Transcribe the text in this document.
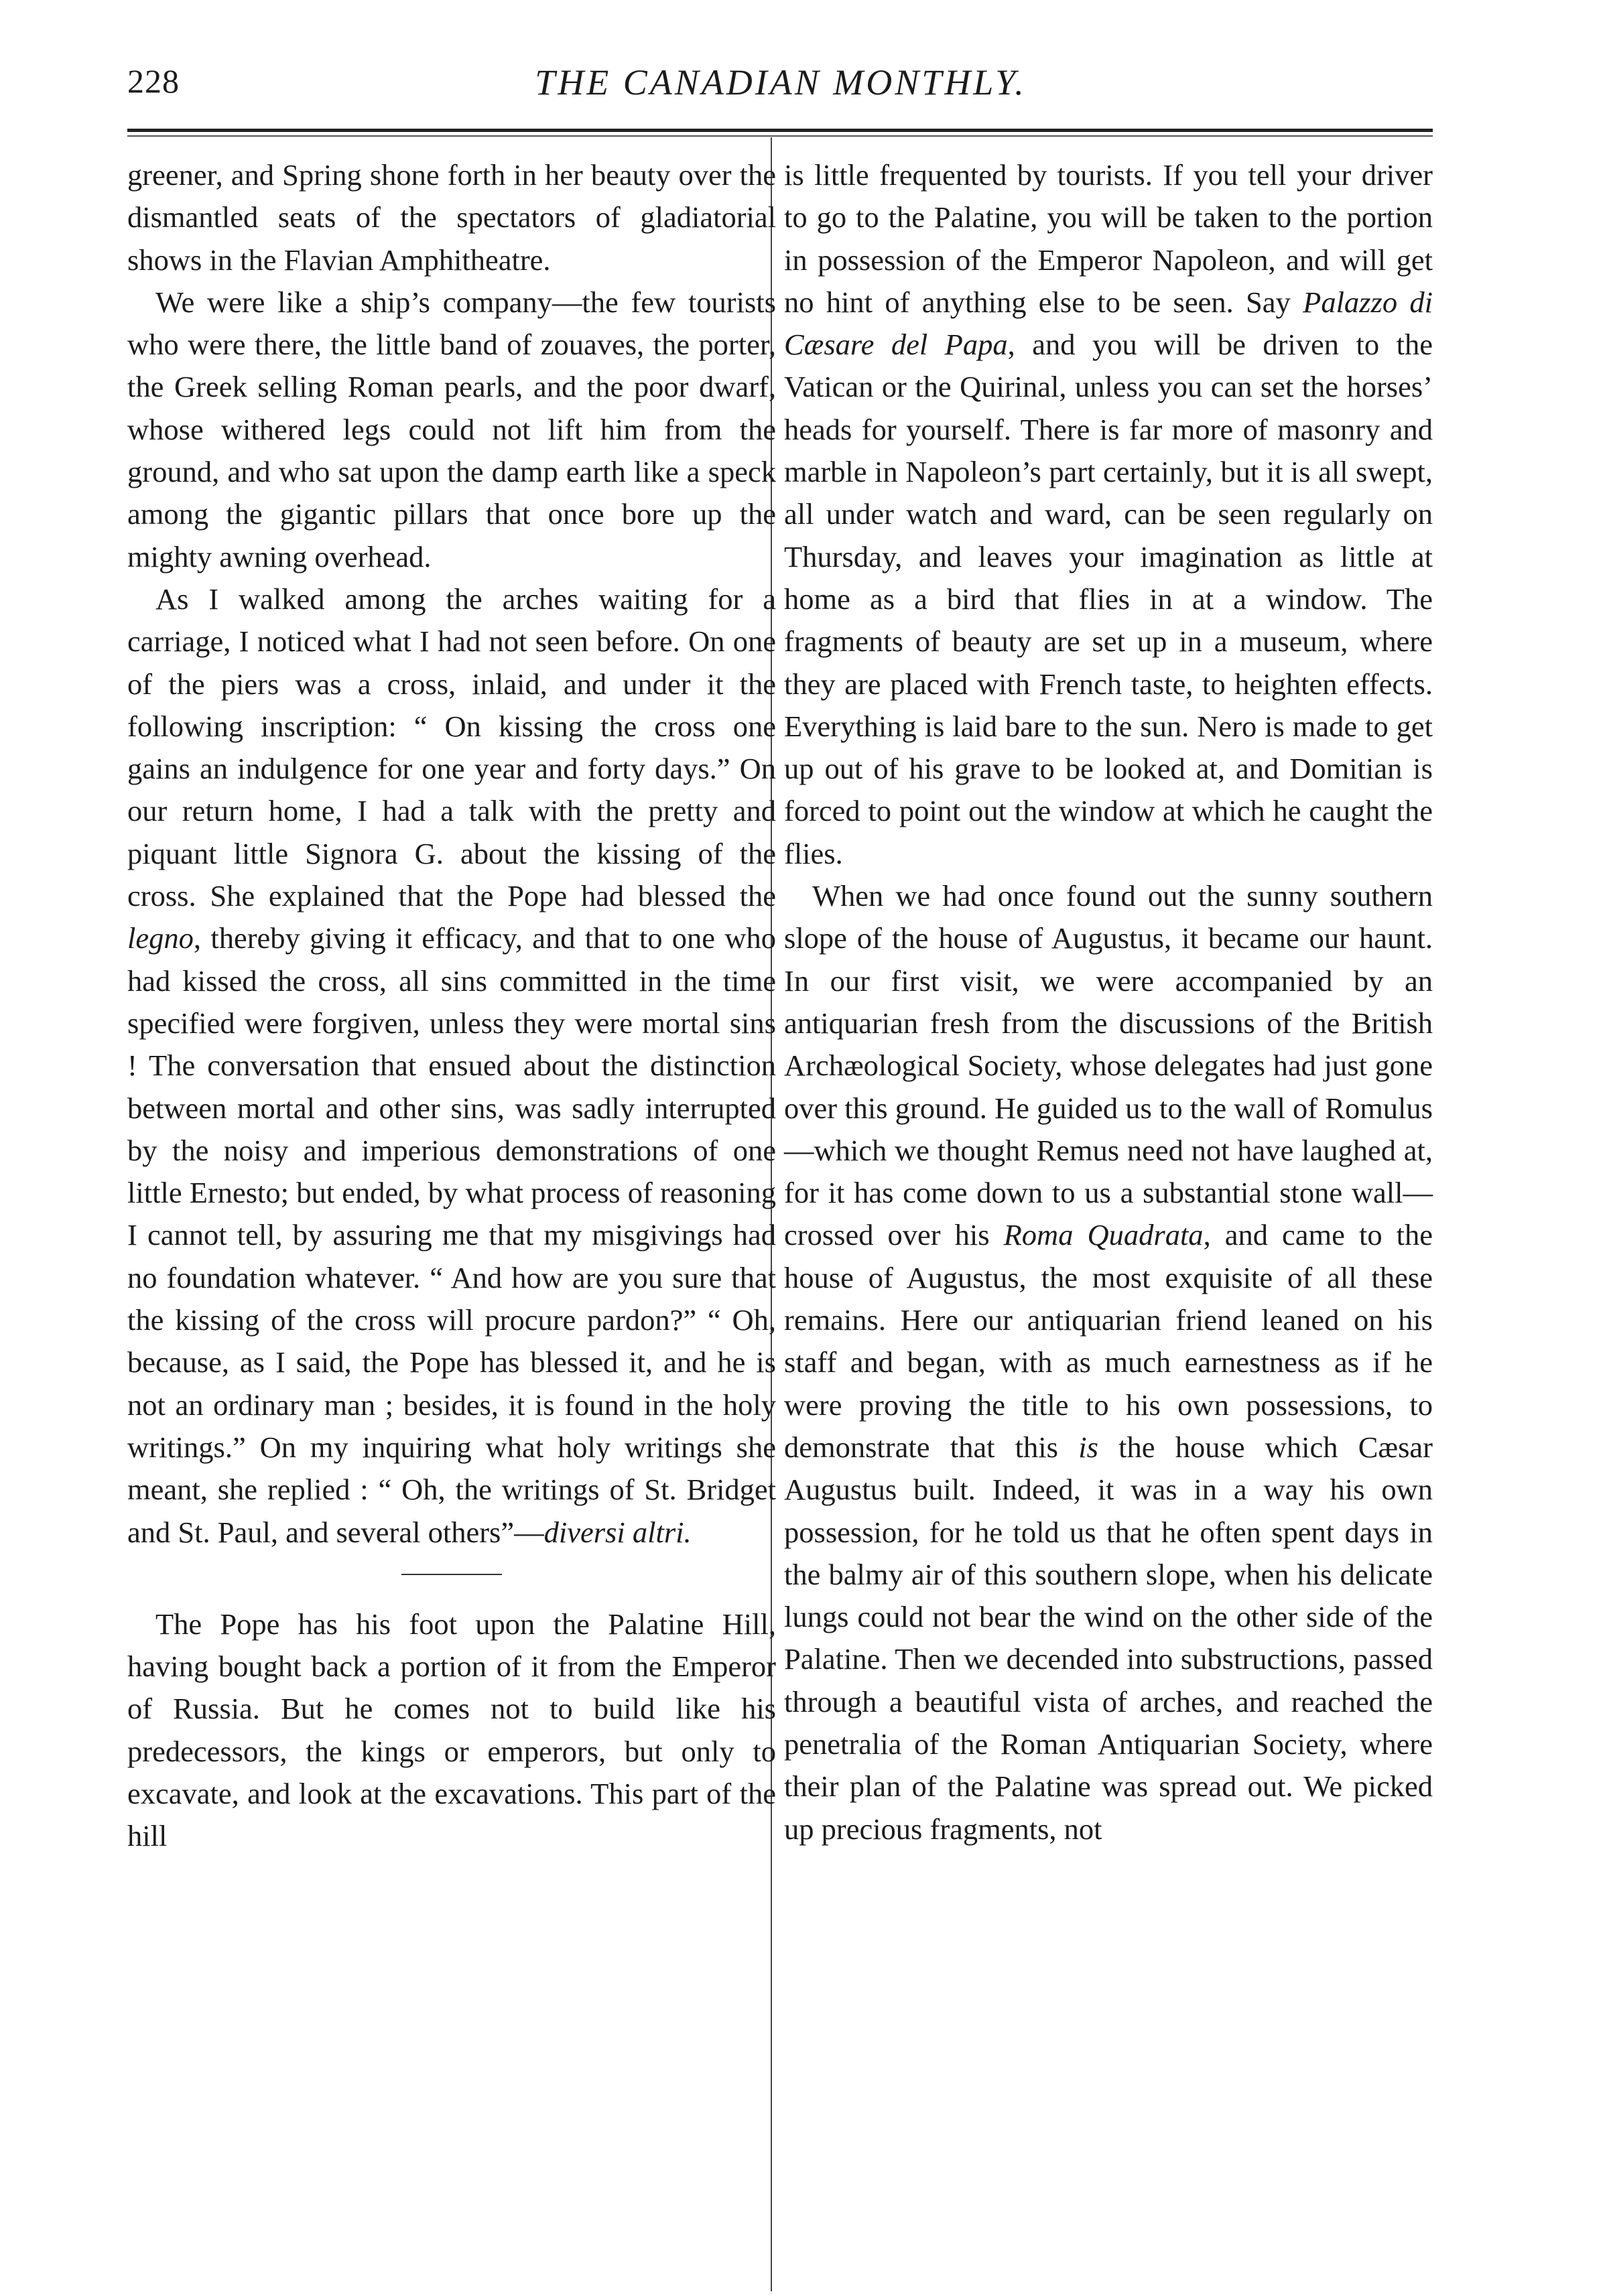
228	THE CANADIAN MONTHLY.

greener, and Spring shone forth in her beauty over the dismantled seats of the spectators of gladiatorial shows in the Flavian Amphitheatre.

We were like a ship’s company—the few tourists who were there, the little band of zouaves, the porter, the Greek selling Roman pearls, and the poor dwarf, whose withered legs could not lift him from the ground, and who sat upon the damp earth like a speck among the gigantic pillars that once bore up the mighty awning overhead.

As I walked among the arches waiting for a carriage, I noticed what I had not seen before. On one of the piers was a cross, inlaid, and under it the following inscription: “ On kissing the cross one gains an indulgence for one year and forty days.” On our return home, I had a talk with the pretty and piquant little Signora G. about the kissing of the cross. She explained that the Pope had blessed the legno, thereby giving it efficacy, and that to one who had kissed the cross, all sins committed in the time specified were forgiven, unless they were mortal sins ! The conversation that ensued about the distinction between mortal and other sins, was sadly interrupted by the noisy and imperious demonstrations of one little Ernesto; but ended, by what process of reasoning I cannot tell, by assuring me that my misgivings had no foundation whatever. “ And how are you sure that the kissing of the cross will procure pardon?” “ Oh, because, as I said, the Pope has blessed it, and he is not an ordinary man ; besides, it is found in the holy writings.” On my inquiring what holy writings she meant, she replied : “ Oh, the writings of St. Bridget and St. Paul, and several others”—diversi altri.

The Pope has his foot upon the Palatine Hill, having bought back a portion of it from the Emperor of Russia. But he comes not to build like his predecessors, the kings or emperors, but only to excavate, and look at the excavations. This part of the hill

is little frequented by tourists. If you tell your driver to go to the Palatine, you will be taken to the portion in possession of the Emperor Napoleon, and will get no hint of anything else to be seen. Say Palazzo di Cæsare del Papa, and you will be driven to the Vatican or the Quirinal, unless you can set the horses’ heads for yourself. There is far more of masonry and marble in Napoleon’s part certainly, but it is all swept, all under watch and ward, can be seen regularly on Thursday, and leaves your imagination as little at home as a bird that flies in at a window. The fragments of beauty are set up in a museum, where they are placed with French taste, to heighten effects. Everything is laid bare to the sun. Nero is made to get up out of his grave to be looked at, and Domitian is forced to point out the window at which he caught the flies.

When we had once found out the sunny southern slope of the house of Augustus, it became our haunt. In our first visit, we were accompanied by an antiquarian fresh from the discussions of the British Archæological Society, whose delegates had just gone over this ground. He guided us to the wall of Romulus—which we thought Remus need not have laughed at, for it has come down to us a substantial stone wall—crossed over his Roma Quadrata, and came to the house of Augustus, the most exquisite of all these remains. Here our antiquarian friend leaned on his staff and began, with as much earnestness as if he were proving the title to his own possessions, to demonstrate that this is the house which Cæsar Augustus built. Indeed, it was in a way his own possession, for he told us that he often spent days in the balmy air of this southern slope, when his delicate lungs could not bear the wind on the other side of the Palatine. Then we decended into substructions, passed through a beautiful vista of arches, and reached the penetralia of the Roman Antiquarian Society, where their plan of the Palatine was spread out. We picked up precious fragments, not
